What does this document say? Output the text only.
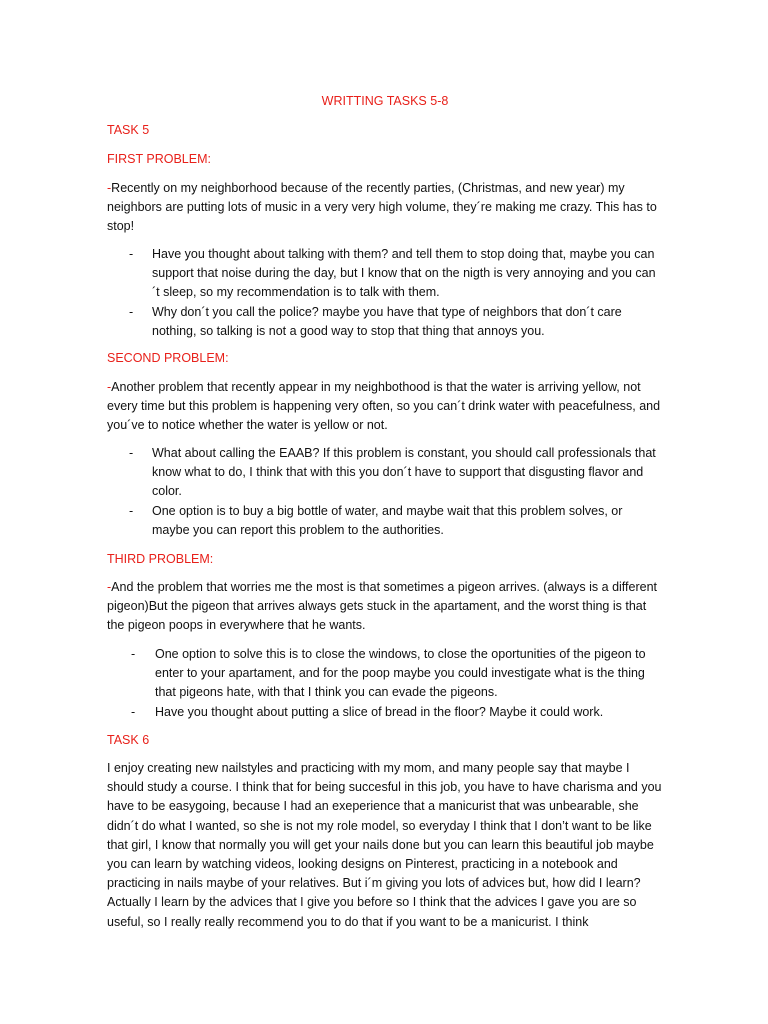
WRITTING TASKS 5-8
TASK 5
FIRST PROBLEM:
-Recently on my neighborhood because of the recently parties, (Christmas, and new year) my neighbors are putting lots of music in a very very high volume, they´re making me crazy. This has to stop!
- Have you thought about talking with them? and tell them to stop doing that, maybe you can support that noise during the day, but I know that on the nigth is very annoying and you can´t sleep, so my recommendation is to talk with them.
- Why don´t you call the police? maybe you have that type of neighbors that don´t care nothing, so talking is not a good way to stop that thing that annoys you.
SECOND PROBLEM:
-Another problem that recently appear in my neighbothood is that the water is arriving yellow, not every time but this problem is happening very often, so you can´t drink water with peacefulness, and you´ve to notice whether the water is yellow or not.
- What about calling the EAAB? If this problem is constant, you should call professionals that know what to do, I think that with this you don´t have to support that disgusting flavor and color.
- One option is to buy a big bottle of water, and maybe wait that this problem solves, or maybe you can report this problem to the authorities.
THIRD PROBLEM:
-And the problem that worries me the most is that sometimes a pigeon arrives. (always is a different pigeon)But the pigeon that arrives always gets stuck in the apartament, and the worst thing is that the pigeon poops in everywhere that he wants.
- One option to solve this is to close the windows, to close the oportunities of the pigeon to enter to your apartament, and for the poop maybe you could investigate what is the thing that pigeons hate, with that I think you can evade the pigeons.
- Have you thought about putting a slice of bread in the floor? Maybe it could work.
TASK 6
I enjoy creating new nailstyles and practicing with my mom, and many people say that maybe I should study a course. I think that for being succesful in this job, you have to have charisma and you have to be easygoing, because I had an exeperience that a manicurist that was unbearable, she didn´t do what I wanted, so she is not my role model, so everyday I think that I don’t want to be like that girl, I know that normally you will get your nails done but you can learn this beautiful job maybe you can learn by watching videos, looking designs on Pinterest, practicing in a notebook and practicing in nails maybe of your relatives. But i´m giving you lots of advices but, how did I learn? Actually I learn by the advices that I give you before so I think that the advices I gave you are so useful, so I really really recommend you to do that if you want to be a manicurist. I think
